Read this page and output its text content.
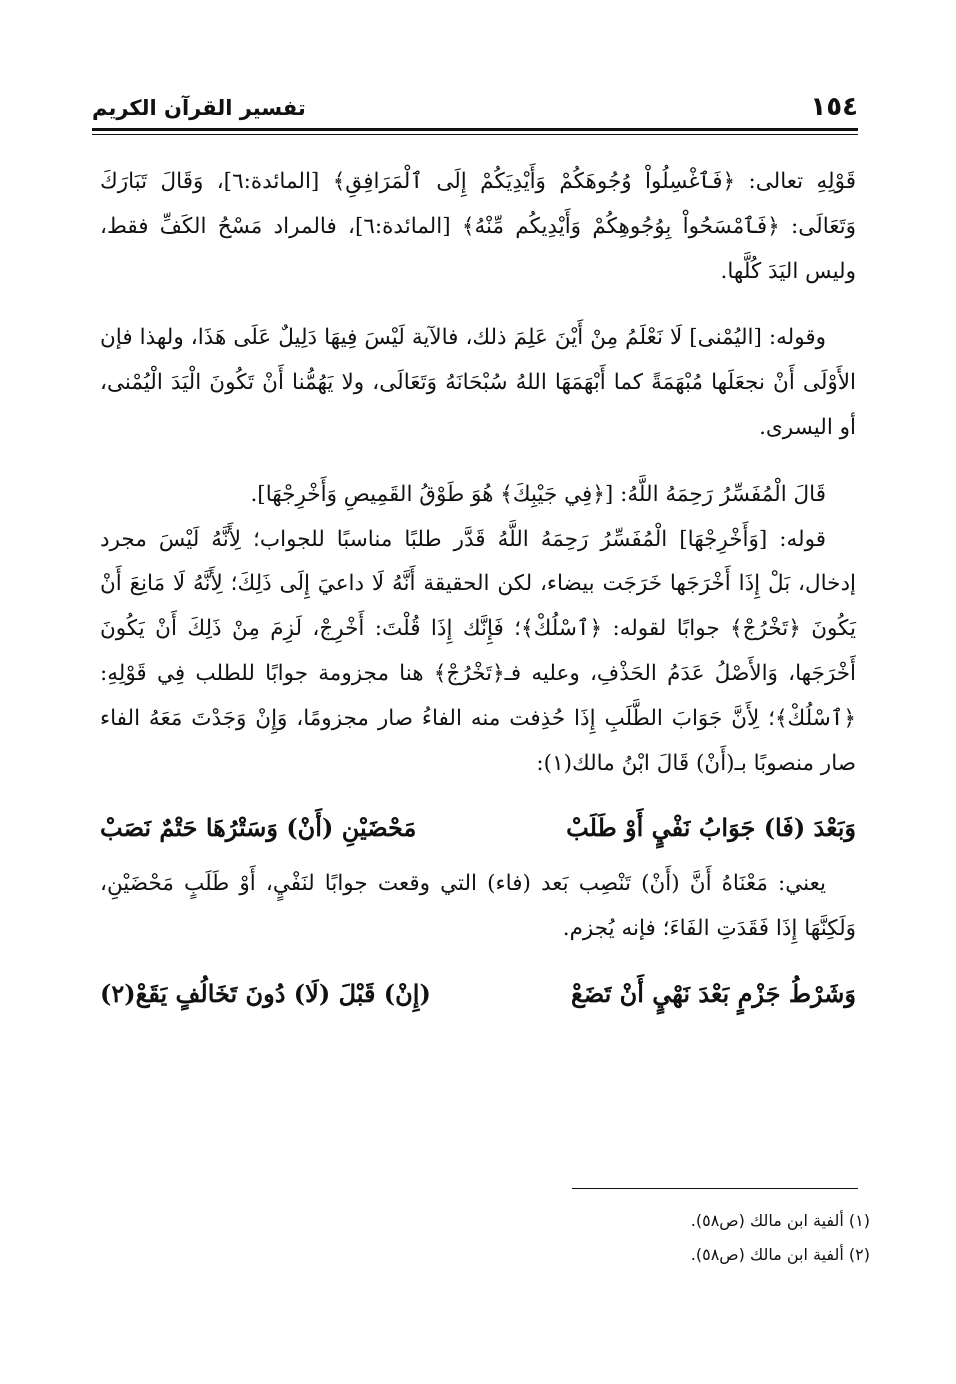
١٥٤
تفسير القرآن الكريم

قَوْلِهِ تعالى: ﴿فَٱغْسِلُواْ وُجُوهَكُمْ وَأَيْدِيَكُمْ إِلَى ٱلْمَرَافِقِ﴾ [المائدة:٦]، وَقَالَ تَبَارَكَ وَتَعَالَى: ﴿فَٱمْسَحُواْ بِوُجُوهِكُمْ وَأَيْدِيكُم مِّنْهُ﴾ [المائدة:٦]، فالمراد مَسْحُ الكَفِّ فقط، وليس اليَدَ كُلَّها.

وقوله: [اليُمْنى] لَا نَعْلَمُ مِنْ أَيْنَ عَلِمَ ذلك، فالآية لَيْسَ فِيهَا دَلِيلٌ عَلَى هَذَا، ولهذا فإن الأَوْلَى أَنْ نجعَلَها مُبْهَمَةً كما أَبْهَمَهَا اللهُ سُبْحَانَهُ وَتَعَالَى، ولا يَهُمُّنا أَنْ تَكُونَ الْيَدَ الْيُمْنى، أو اليسرى.

قَالَ الْمُفَسِّرُ رَحِمَهُ اللَّهُ: [﴿فِي جَيْبِكَ﴾ هُوَ طَوْقُ القَمِيصِ وَأَخْرِجْهَا].

قوله: [وَأَخْرِجْهَا] الْمُفَسِّرُ رَحِمَهُ اللَّهُ قَدَّر طلبًا مناسبًا للجواب؛ لِأَنَّهُ لَيْسَ مجرد إدخال، بَلْ إِذَا أَخْرَجَها خَرَجَت بيضاء، لكن الحقيقة أَنَّهُ لَا داعيَ إِلَى ذَلِكَ؛ لِأَنَّهُ لَا مَانِعَ أَنْ يَكُونَ ﴿تَخْرُجْ﴾ جوابًا لقوله: ﴿ٱسْلُكْ﴾؛ فَإِنَّك إِذَا قُلْتَ: أَخْرِجْ، لَزِمَ مِنْ ذَلِكَ أَنْ يَكُونَ أَخْرَجَها، وَالأَصْلُ عَدَمُ الحَذْفِ، وعليه فـ﴿تَخْرُجْ﴾ هنا مجزومة جوابًا للطلب فِي قَوْلِهِ: ﴿ٱسْلُكْ﴾؛ لِأَنَّ جَوَابَ الطَّلَبِ إِذَا حُذِفت منه الفاءُ صار مجزومًا، وَإِنْ وَجَدْتَ مَعَهُ الفاء صار منصوبًا بـ(أَنْ) قَالَ ابْنُ مالك(١):

وَبَعْدَ (فَا) جَوَابُ نَفْيٍ أَوْ طَلَبْ
مَحْضَيْنِ (أَنْ) وَسَتْرُهَا حَتْمٌ نَصَبْ

يعني: مَعْنَاهُ أَنَّ (أَنْ) تَنْصِب بَعد (فاء) التي وقعت جوابًا لنَفْيٍ، أَوْ طَلَبٍ مَحْضَيْنِ، وَلَكِنَّهَا إِذَا فَقَدَتِ الفَاءَ؛ فإنه يُجزم.

وَشَرْطُ جَزْمٍ بَعْدَ نَهْيٍ أَنْ تَضَعْ
(إِنْ) قَبْلَ (لَا) دُونَ تَخَالُفٍ يَقَعْ(٢)

(١) ألفية ابن مالك (ص٥٨).

(٢) ألفية ابن مالك (ص٥٨).
